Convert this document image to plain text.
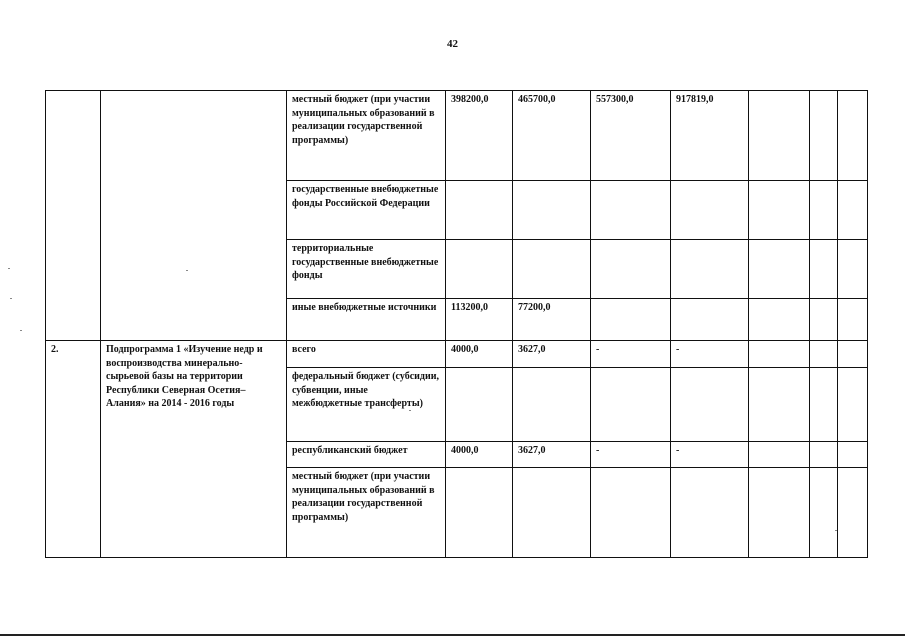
42
		местный бюджет (при участии муниципальных образований в реализации государственной программы)	398200,0	465700,0	557300,0	917819,0			
		государственные внебюджетные фонды Российской Федерации							
		территориальные государственные внебюджетные фонды							
		иные внебюджетные источники	113200,0	77200,0					
2.	Подпрограмма 1 «Изучение недр и воспроизводства минерально-сырьевой базы на территории Республики Северная Осетия–Алания» на 2014 - 2016 годы	всего	4000,0	3627,0	-	-			
		федеральный бюджет (субсидии, субвенции, иные межбюджетные трансферты)							
		республиканский бюджет	4000,0	3627,0	-	-			
		местный бюджет (при участии муниципальных образований в реализации государственной программы)							
